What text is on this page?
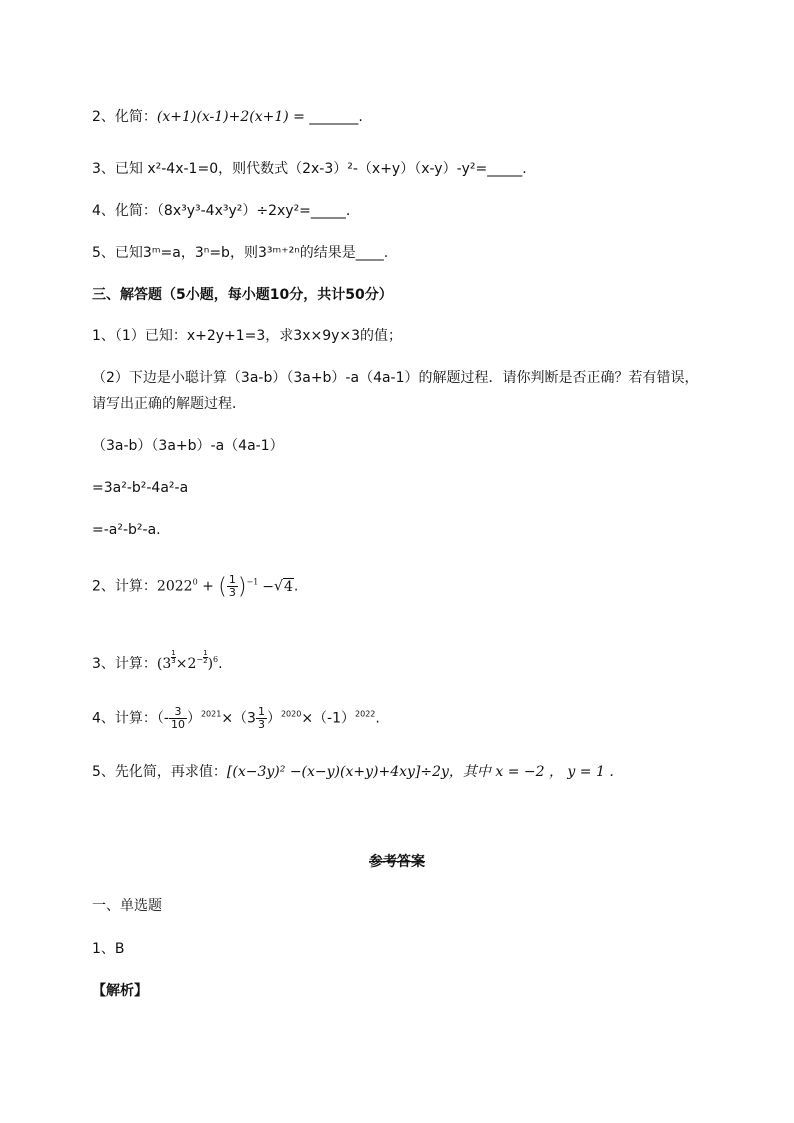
2、化简：(x+1)(x-1)+2(x+1) = _______.
3、已知 x²-4x-1=0，则代数式（2x-3）²-（x+y）（x-y）-y²=_____.
4、化简：（8x³y³-4x³y²）÷2xy²=_____.
5、已知3ᵐ=a，3ⁿ=b，则3³ᵐ⁺²ⁿ的结果是____.
三、解答题（5小题，每小题10分，共计50分）
1、（1）已知：x+2y+1=3，求3x×9y×3的值；
（2）下边是小聪计算（3a-b）（3a+b）-a（4a-1）的解题过程．请你判断是否正确？若有错误，
请写出正确的解题过程．
（3a-b）（3a+b）-a（4a-1）
=3a²-b²-4a²-a
=-a²-b²-a.
2、计算：$2022^0$ + ( $\frac{1}{3} )^{-1} -√4$.
3、计算：$(3 \frac{1}{3} \times 2^- \frac{1}{2} )^6$.
4、计算：（- $\frac{3}{10} )^{2021}\times(3 \frac{1}{3} )^{2020}\times(-1)^{2022}$.
5、先化简，再求值：[(x−3y)² −(x−y)(x+y)+4xy]÷2y，其中 x = −2 ， y = 1 .
参考答案
一、单选题
1、B
【解析】
